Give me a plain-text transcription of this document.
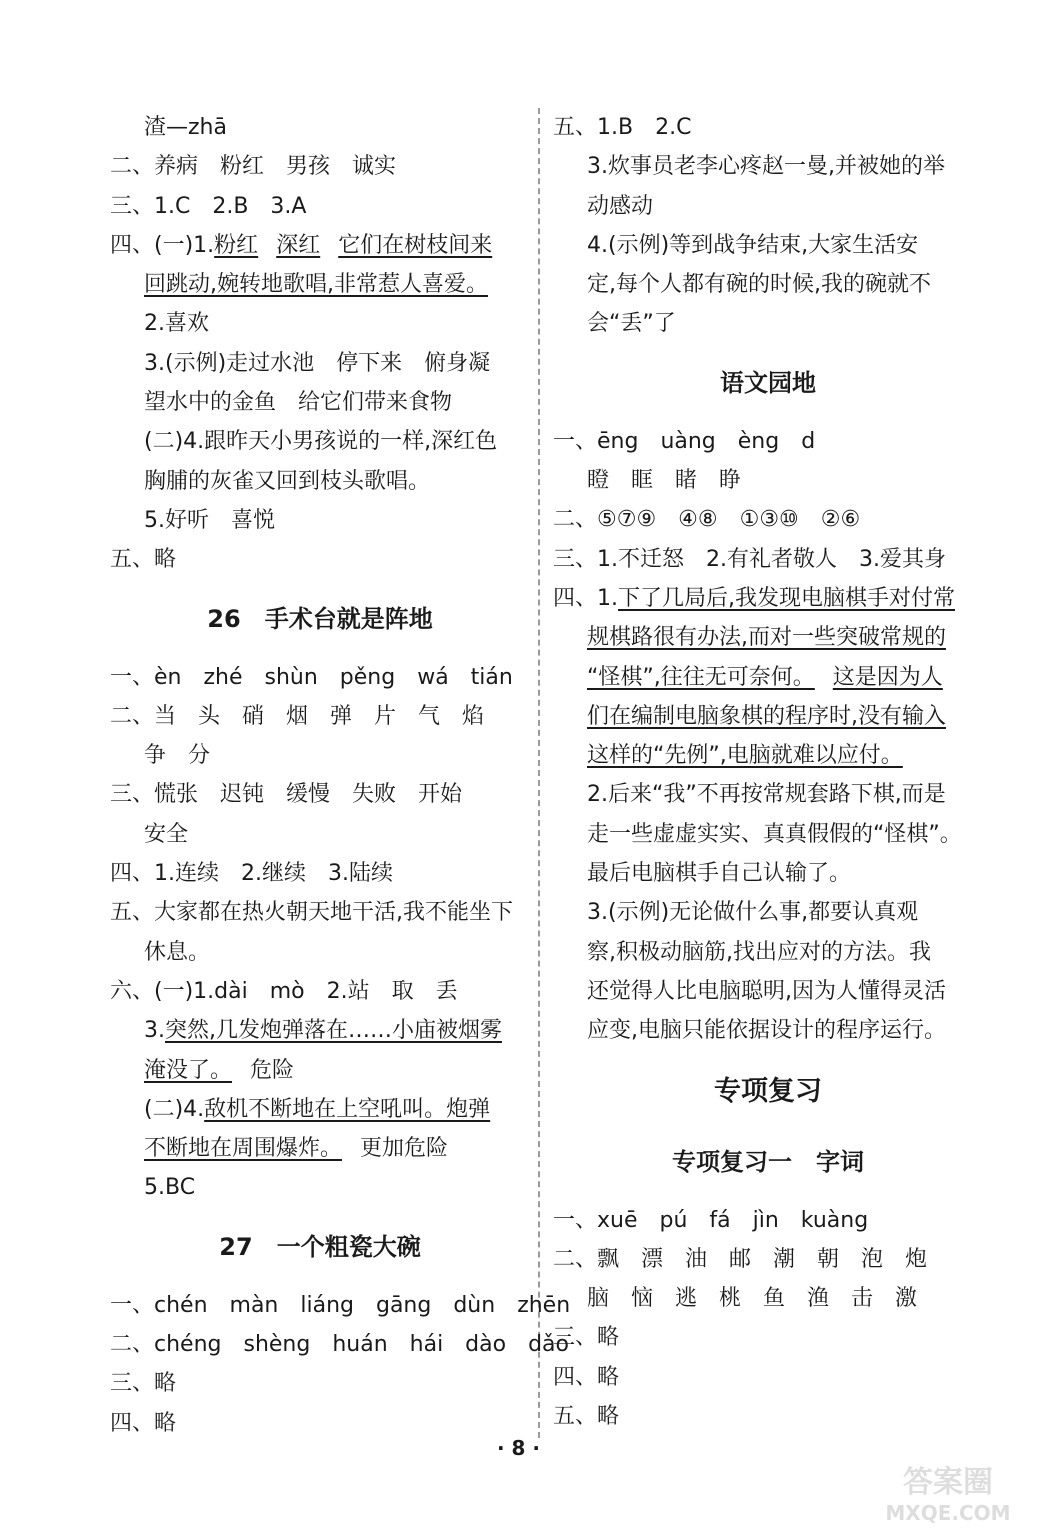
渣—zhā
二、养病　粉红　男孩　诚实
三、1.C　2.B　3.A
四、(一)1.粉红 深红 它们在树枝间来
回跳动,婉转地歌唱,非常惹人喜爱。
2.喜欢
3.(示例)走过水池　停下来　俯身凝
望水中的金鱼　给它们带来食物
(二)4.跟昨天小男孩说的一样,深红色
胸脯的灰雀又回到枝头歌唱。
5.好听　喜悦
五、略
26　手术台就是阵地
一、èn　zhé　shùn　pěng　wá　tián
二、当　头　硝　烟　弹　片　气　焰
争　分
三、慌张　迟钝　缓慢　失败　开始
安全
四、1.连续　2.继续　3.陆续
五、大家都在热火朝天地干活,我不能坐下
休息。
六、(一)1.dài　mò　2.站　取　丢
3.突然,几发炮弹落在……小庙被烟雾
淹没了。 危险
(二)4.敌机不断地在上空吼叫。炮弹
不断地在周围爆炸。 更加危险
5.BC
27　一个粗瓷大碗
一、chén　màn　liáng　gāng　dùn　zhēn
二、chéng　shèng　huán　hái　dào　dǎo
三、略
四、略
五、1.B　2.C
3.炊事员老李心疼赵一曼,并被她的举
动感动
4.(示例)等到战争结束,大家生活安
定,每个人都有碗的时候,我的碗就不
会“丢”了
语文园地
一、ēng　uàng　èng　d
瞪　眶　睹　睁
二、⑤⑦⑨　④⑧　①③⑩　②⑥
三、1.不迁怒　2.有礼者敬人　3.爱其身
四、1.下了几局后,我发现电脑棋手对付常
规棋路很有办法,而对一些突破常规的
“怪棋”,往往无可奈何。 这是因为人
们在编制电脑象棋的程序时,没有输入
这样的“先例”,电脑就难以应付。
2.后来“我”不再按常规套路下棋,而是
走一些虚虚实实、真真假假的“怪棋”。
最后电脑棋手自己认输了。
3.(示例)无论做什么事,都要认真观
察,积极动脑筋,找出应对的方法。我
还觉得人比电脑聪明,因为人懂得灵活
应变,电脑只能依据设计的程序运行。
专项复习
专项复习一　字词
一、xuē　pú　fá　jìn　kuàng
二、飘　漂　油　邮　潮　朝　泡　炮
脑　恼　逃　桃　鱼　渔　击　激
三、略
四、略
五、略
· 8 ·
答案圈
MXQE.COM
